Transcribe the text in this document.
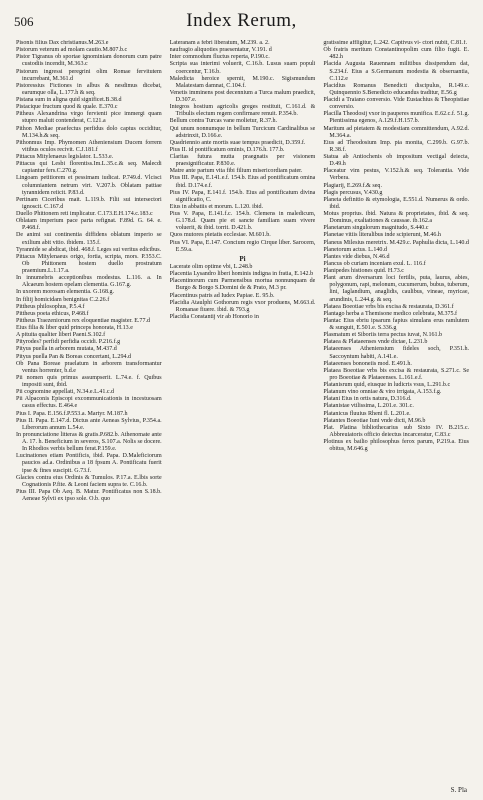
506	Index Rerum,

Pisonis filius Dax christianus.M.263.e

Pistorum veterum ad molam cautio.M.807.b.c

Pistor Tigranus ob sportae ignominiam donorum cum patre custodiis incendit, M.363.c

Pistorum ingressi peregrini olim Romae fervitutem incurrebant, M.361.d

Pistoressius Fictiones in albus & nesdimus dicebat, earumque olla, L.177.h & seq.

Pistana sum in aligna quid significet.B.38.d

Pistacique fructum quod & quale. E.370.c

Pitheus Alexandrina virgo fervienti pice immergi quam stupro maluit contenderat, C.121.a

Pithon Mediae praefectus perfidus dolo captus occiditur, M.134.h.& seq.

Pithonmus Imp. Phymomen Atheniensium Ducem forrem vitibus oculos recivit. C.J.181.f

Pittacus Mitylenaeus legislator. L.533.e.

Pittacus qui Lesbi florentiss.Im.L.35.c.& seq. Malecdi capiantur fers.C.270.g.

Lingoam petitiorem et pessimam iudicat. P.749.d. Vlcisci columniantem netrum virt. V.207.b. Oblatam pattiae tyrannidem reiicit. P.83.d.

Pertinam Ciceribus mait. L.119.b. Filii sui intersectori ignoscit. C.167.d

Duello Phittonem reti implicatur. C.173.E.H.174.c.183.c

Oblatam imperium pace parta refignat. F.89d. G. 64. e. P.468.f.

De animi sui continentia diffidens oblatum imperio se exilium abit vitio. ibidem. 135.f.

Tyrannide se abdicat, ibid. 468.f. Leges sui veritus edicibus.

Pittacus Mitylenaeus origo, fortia, scripta, mors. P.353.C. Ob Phittonem hostem duello prostratum praemium.L.1.17.a.

In innumebris acceptionibus modestus. L.116. a. In Alcaeum hostem opelam clementia. G.167.g.

In uxorem morosam elementia. G.168.g.

In filiij homicidam benignitas C.2.26.f

Pittheus philosophus, P.5.4.f

Pittheus poeta ethicus, P.468.f

Pittheus Traezeniorum rex eloquentiae magister. E.77.d

Eius filia & liber quid princeps honorata, H.13.e

A pituita qualiter liberi Paeni.S.102.f

Pityrodes? perfidi perfidia occidi. P.216.f.g

Pityus puella in arborem mutata, M.437.d

Pityus puella Pan & Boreas concertant, L.294.d

Ob Pana Boreae praelatum in arborem transformantur ventus horrenter, b.d.e

Pii nomen quis primus assumpserit. L.74.e. f. Quibus impositi sunt, ibid.

Pii cognomine appellati, N.34.e.L.41.c.d

Pii Alpaconis Episcopi excommunicationis in incestuosam casus effectus. E.464.e

Pius I. Papa. E.156.f.P.553.a. Martyr. M.187.h

Pius II. Papa. E.147.d. Dictus ante Aeneas Sylvius, P.354.a. Liberorum annum L.54.e.

In pronunciatione litteras & gratis.P.682.b. Athenomate ante A. 17. h. Beneficium in severos, S.107.a. Nolis se docere. In Rhodios verbis bellum ferat.P.159.e.

Lucinationes etiam Pontificis, ibid. Papa. D.Maleficiorum paucios ad.a. Ordinibus a 18 fpsum A. Pontificatu fuerit ipse & fines suscipit. G.73.f.

Glacies contra eius Ordinis & Tumulos. P.17.a. E.lbis sorte Cognationis P.fite. & Leoni faciem supra te. C.16.b.

Pius III. Papa Ob Aeq. B. Matur. Pontificatus non S.18.b. Aeneae Sylvii ex ipso sole. O.b. quo

Lateranam a febri liberatum, M.239. a. 2.

naufragio aliquoties praesentatur, V.191. d

Inter commodum fluctus reperta, P.190.c.

Scripta sua interimi voluerit, C.16.b. Lusus suam populi coercentur, T.16.b.

Maledicta heroice spernit, M.190.c. Sigismundum Malatestam damnat, C.104.f.

Venetis imminens post decennium a Turca malum praedicit, D.307.e.

Integros hostium agricolis greges restituit, C.161.d. & Tribulis electum regem confirmare renuit. P.354.b.

Bellum contra Turcas vane molietur, R.37.h.

Qui unum nonnumque in bellum Turcicum Cardinalibus se adstrinxit, D.166.e.

Quadriennio ante mortis suae tempus praedicit, D.359.f.

Pius II. id pontificatum ominis, D.176.h. 177.b.

Claritas futura mutta praegnatis per visionem praesignificatur. P.830.e.

Matre ante partum vita fibi filium misericordiam pater.

Pius III. Papa, E.141.e.f. 154.b. Eius ad pontificatum omina ibid. D.174.e.f.

Pius IV. Papa, E.141.f. 154.b. Eius ad pontificatum divina significatio, C.

Eius in abbatiis et morum. L.120. ibid.

Pius V. Papa, E.141.f.c. 154.b. Clemens in maledicum, G.178.d. Quam pie et sancte familiam suam vivere voluerit, & ibid. torrit. D.421.b.

Quos mutores pietatis ecclesiae. M.601.b.

Pius VI. Papa, E.147. Concium regio Cirque liber. Sarocem, E.59.a.

Pi

Lacerate olim optime vbi, L.248.b

Placentia Lysandro liberi hominis indigna in fratia, E.142.b

Placentinorum cum Parmensibus mortua nonnunquam de Burgo & Borgo S.Domini de & Prato, M.3 pr.

Placentinus patris ad Iudex Papiae. E. 95.b.

Placidia Ataulphi Gothorum regis vxor produens, M.663.d. Romanae fiuere. ibid. & 793.g

Placidia Constantij vir ab Honorio in

gratissime affligitur, L.242. Captivus vi- ctori nubit, C.81.f.

Ob fratris meritum Constantinopolim cum filio fugit. E. 482.h

Placida Augusta Rauennam militibus dissipendum dat, S.234.f. Eius a S.Germanum modestia & obseruantia, C.112.e

Placidius Romanus Benedicti discipulus, R.149.c. Quinquennio S.Benedicto educandus traditur, E.56.g

Placidi a Traiano conversio. Vide Eustachius & Theopistiae conversio.

Placilla Theodosij vxor in pauperes munifica. E.62.c.f. 51.g. Pientissima egenos, A.129.f.H.157.b.

Maritum ad pietatem & modestiam committendum, A.92.d. M.364.a.

Eius ad Theodosium Imp. pia monita, C.299.b. G.97.b. R.38.f.

Statua ab Antiochenis ob impositum vectigal deiecta, D.49.h

Placeatur vim pestus, V.152.h.& seq. Tolerantia. Vide Verbera.

Plagiarij, E.269.f.& seq.

Plagis percusus, V.430.g

Planeta definitio & etymologia, E.551.d. Numerus & ordo. ibid.

Motus proprius. ibid. Natura & proprietates, ibid. & seq. Dominus, exaltationes & caussae. ib.162.a

Planetarum singulorum magnitudo, S.440.c

Planetae vitiis literalibus inde scipierunt, M.46.h

Planeus Milesius meretrix. M.429.c. Paphulia dicta, L.140.d

Planetorum actus. L.140.d

Plantes vide diebus, N.46.d

Plancus ob curiam inceniam exul. L. 116.f

Planipedes histiones quid. H.73.c

Plant arum diversarum loci fertilis, puta, laurus, abies, polygonum, rapi, melonum, cucumerum, bubus, tuberum, lini, Iaglandium, anaglidis, caulibus, vineae, myricae, arundinis, L.244.g. & seq.

Plataea Boeotiae vrbs bis excisa & restaurata, D.361.f

Plantago herba a Themisone medico celebrata, M.375.f

Plantac Eius ebriu ipsarum fapius simulans erus ramlutem & sunguit, E.501.e. S.336.g

Plasmatum et Siboriis terra pectus iuvat, N.161.b

Plataea & Plataeenses vnde dictae, L.231.b

Plataeenses Atheniensium fideles soch, P.351.h. Saccoyntum habiti, A.141.e.

Plataeenses bononeiis mod. E.491.h.

Plataea Boeotiae vrbs bis excisa & restaurata, S.271.c. Se pro Boeotiae & Plataeenses. L.161.e.f.

Platanisrum quid, eiusque in ludicris vsus, L.291.b.c

Platanum vino omniae & viro irrigata, A.153.f.g.

Platani Eius in ortis natura, D.316.d.

Platanistae vtilissima, L.201.e. 301.c.

Platanicus fluuius Rheni fl. L.201.e.

Platantes Boeotiae Iuni vnde dicti, M.96.b

Plat. Platina bibliothecarius sub Sixto IV. B.215.c. Abbreuiatoris officio deiectus incarceratur, C.83.c

Plotinus ex bailio philosophus ferox parum, P.219.a. Eius obitus, M.646.g

S. Pla
